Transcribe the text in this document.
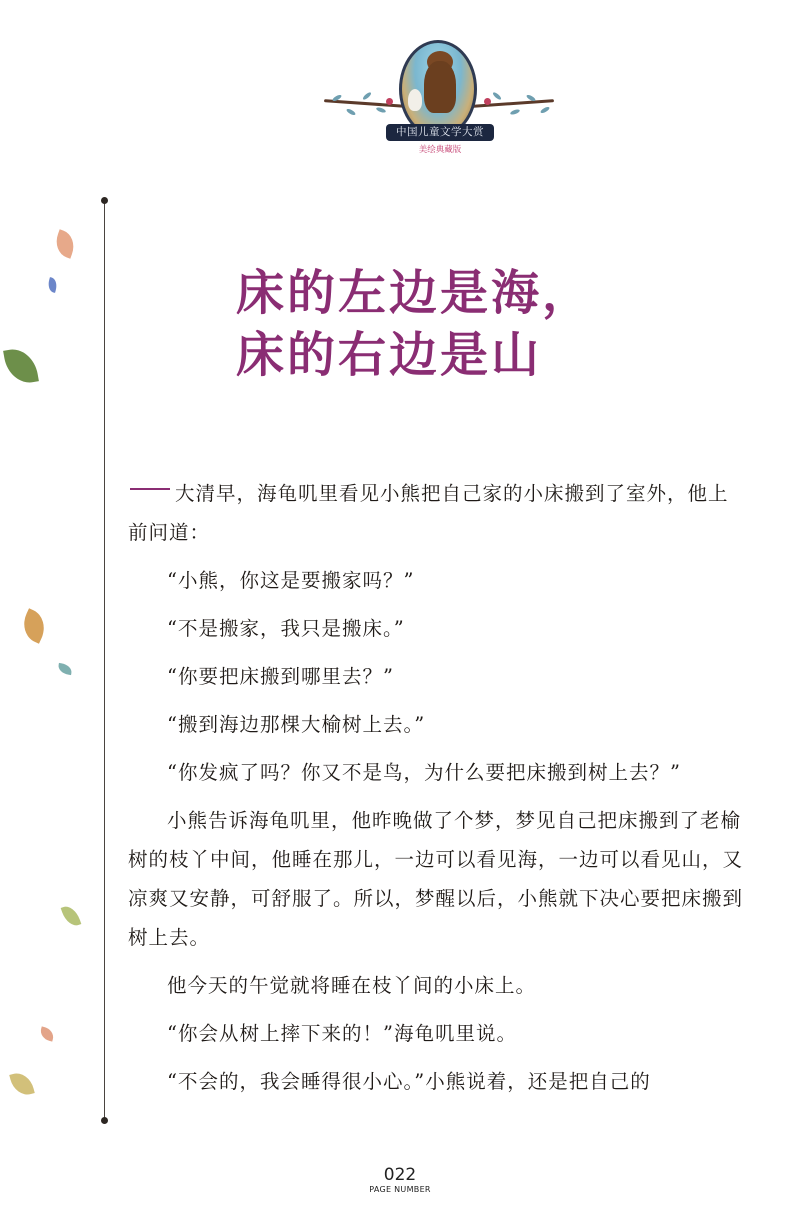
中国儿童文学大赏
美绘典藏版
床的左边是海，
床的右边是山

大清早，海龟叽里看见小熊把自己家的小床搬到了室外，他上前问道：

“小熊，你这是要搬家吗？”

“不是搬家，我只是搬床。”

“你要把床搬到哪里去？”

“搬到海边那棵大榆树上去。”

“你发疯了吗？你又不是鸟，为什么要把床搬到树上去？”

小熊告诉海龟叽里，他昨晚做了个梦，梦见自己把床搬到了老榆树的枝丫中间，他睡在那儿，一边可以看见海，一边可以看见山，又凉爽又安静，可舒服了。所以，梦醒以后，小熊就下决心要把床搬到树上去。

他今天的午觉就将睡在枝丫间的小床上。

“你会从树上摔下来的！”海龟叽里说。

“不会的，我会睡得很小心。”小熊说着，还是把自己的

022
PAGE NUMBER
